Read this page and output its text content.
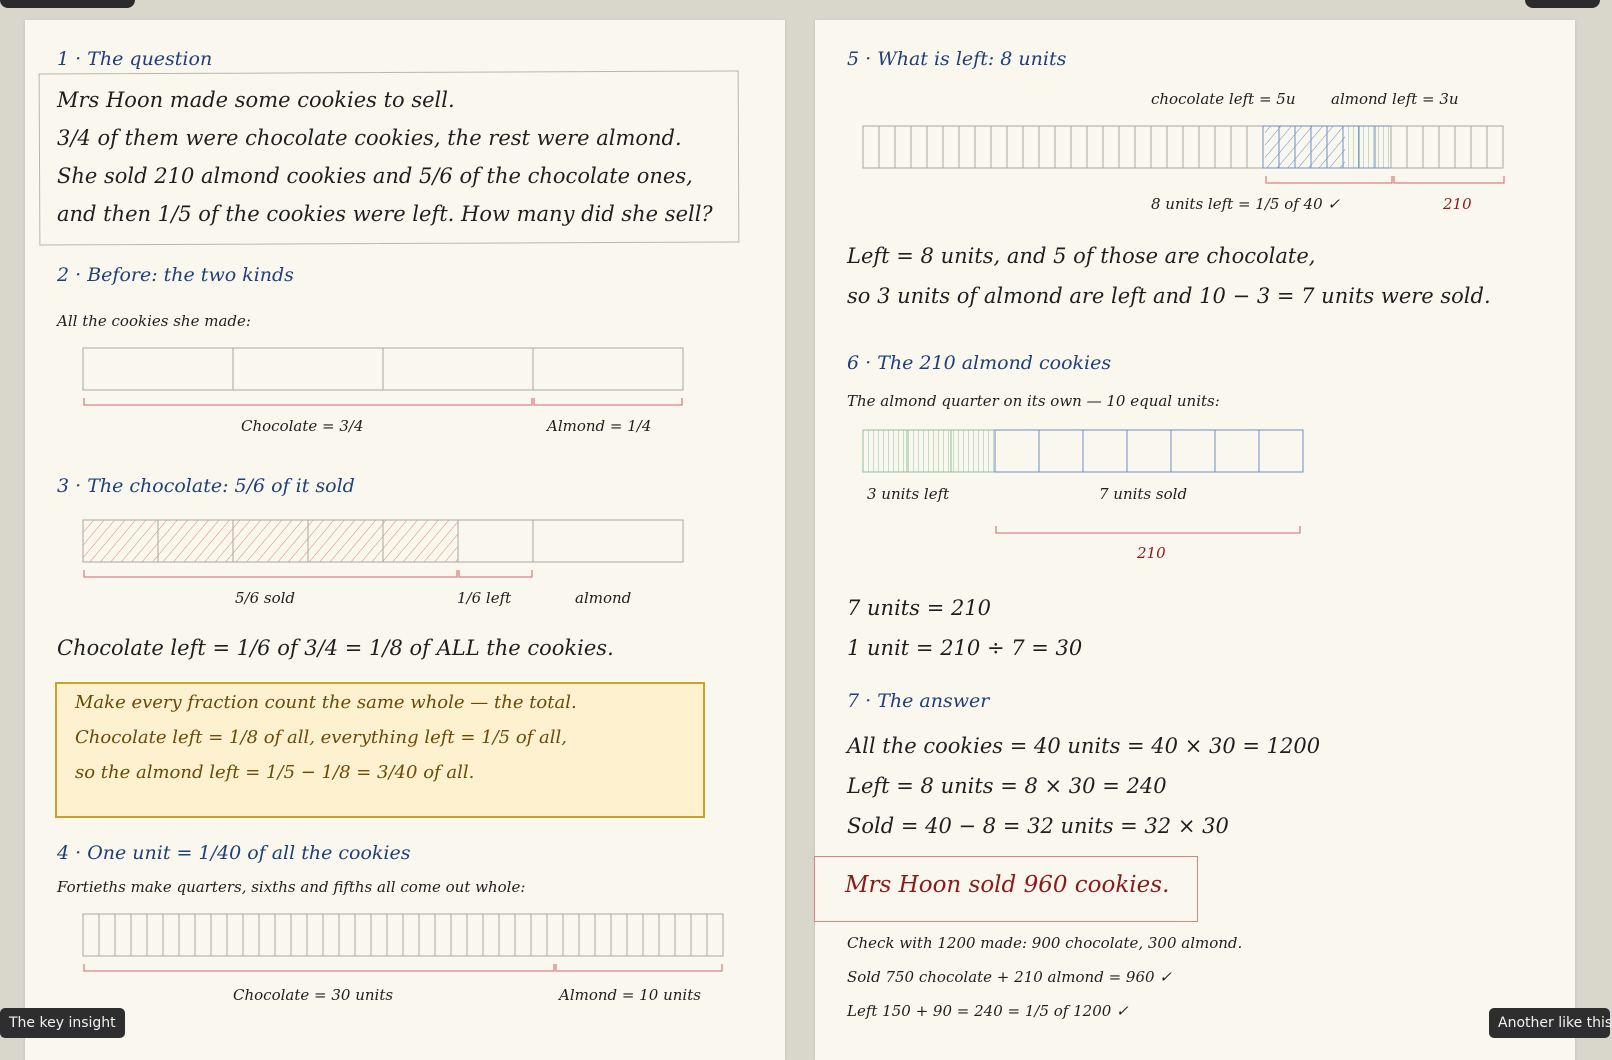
1 · The question
Mrs Hoon made some cookies to sell.
3/4 of them were chocolate cookies, the rest were almond.
She sold 210 almond cookies and 5/6 of the chocolate ones,
and then 1/5 of the cookies were left. How many did she sell?
2 · Before: the two kinds
All the cookies she made:
Chocolate = 3/4	Almond = 1/4
3 · The chocolate: 5/6 of it sold
5/6 sold	1/6 left	almond
Chocolate left = 1/6 of 3/4 = 1/8 of ALL the cookies.
Make every fraction count the same whole — the total.
Chocolate left = 1/8 of all, everything left = 1/5 of all,
so the almond left = 1/5 − 1/8 = 3/40 of all.
4 · One unit = 1/40 of all the cookies
Fortieths make quarters, sixths and fifths all come out whole:
Chocolate = 30 units	Almond = 10 units
5 · What is left: 8 units
chocolate left = 5u almond left = 3u
8 units left = 1/5 of 40 ✓	210
Left = 8 units, and 5 of those are chocolate,
so 3 units of almond are left and 10 − 3 = 7 units were sold.
6 · The 210 almond cookies
The almond quarter on its own — 10 equal units:
3 units left	7 units sold
210
7 units = 210
1 unit = 210 ÷ 7 = 30
7 · The answer
All the cookies = 40 units = 40 × 30 = 1200
Left = 8 units = 8 × 30 = 240
Sold = 40 − 8 = 32 units = 32 × 30
Mrs Hoon sold 960 cookies.
Check with 1200 made: 900 chocolate, 300 almond.
Sold 750 chocolate + 210 almond = 960 ✓
Left 150 + 90 = 240 = 1/5 of 1200 ✓
The key insight	Another like this
